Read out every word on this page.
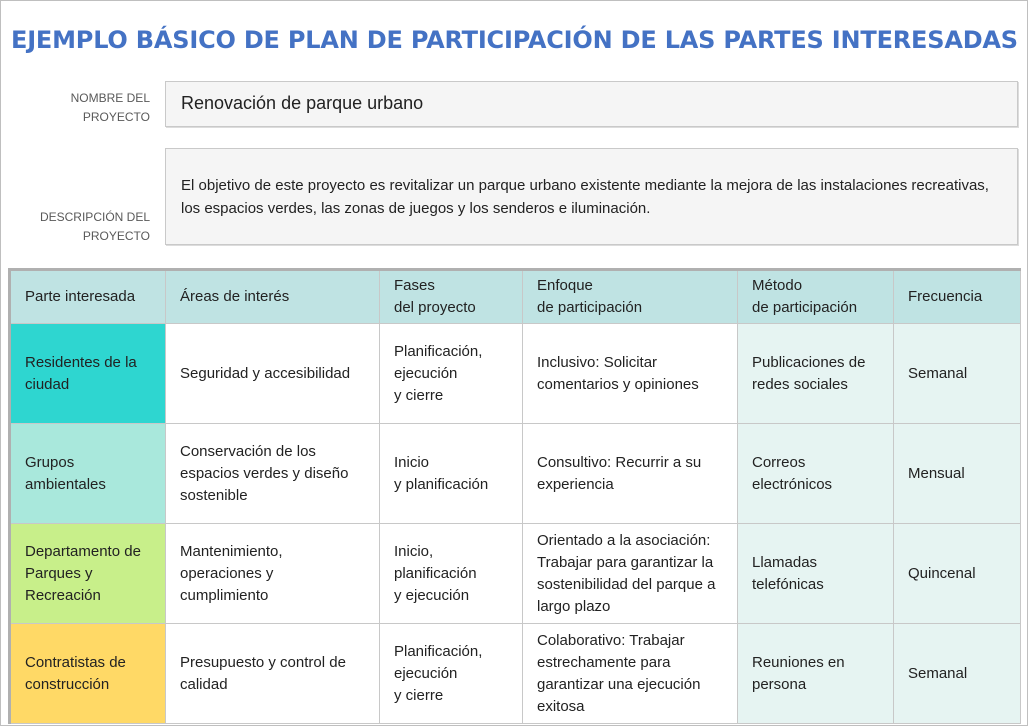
EJEMPLO BÁSICO DE PLAN DE PARTICIPACIÓN DE LAS PARTES INTERESADAS
NOMBRE DEL
PROYECTO
Renovación de parque urbano
DESCRIPCIÓN DEL
PROYECTO
El objetivo de este proyecto es revitalizar un parque urbano existente mediante la mejora de las instalaciones recreativas, los espacios verdes, las zonas de juegos y los senderos e iluminación.
Parte interesada	Áreas de interés	Fases
del proyecto	Enfoque
de participación	Método
de participación	Frecuencia

Residentes de la
ciudad	Seguridad y accesibilidad	Planificación,
ejecución
y cierre	Inclusivo: Solicitar
comentarios y opiniones	Publicaciones de
redes sociales	Semanal

Grupos
ambientales	Conservación de los
espacios verdes y diseño
sostenible	Inicio
y planificación	Consultivo: Recurrir a su
experiencia	Correos
electrónicos	Mensual

Departamento de
Parques y
Recreación	Mantenimiento,
operaciones y
cumplimiento	Inicio,
planificación
y ejecución	Orientado a la asociación:
Trabajar para garantizar la
sostenibilidad del parque a
largo plazo	Llamadas
telefónicas	Quincenal

Contratistas de
construcción	Presupuesto y control de
calidad	Planificación,
ejecución
y cierre	Colaborativo: Trabajar
estrechamente para
garantizar una ejecución
exitosa	Reuniones en
persona	Semanal
